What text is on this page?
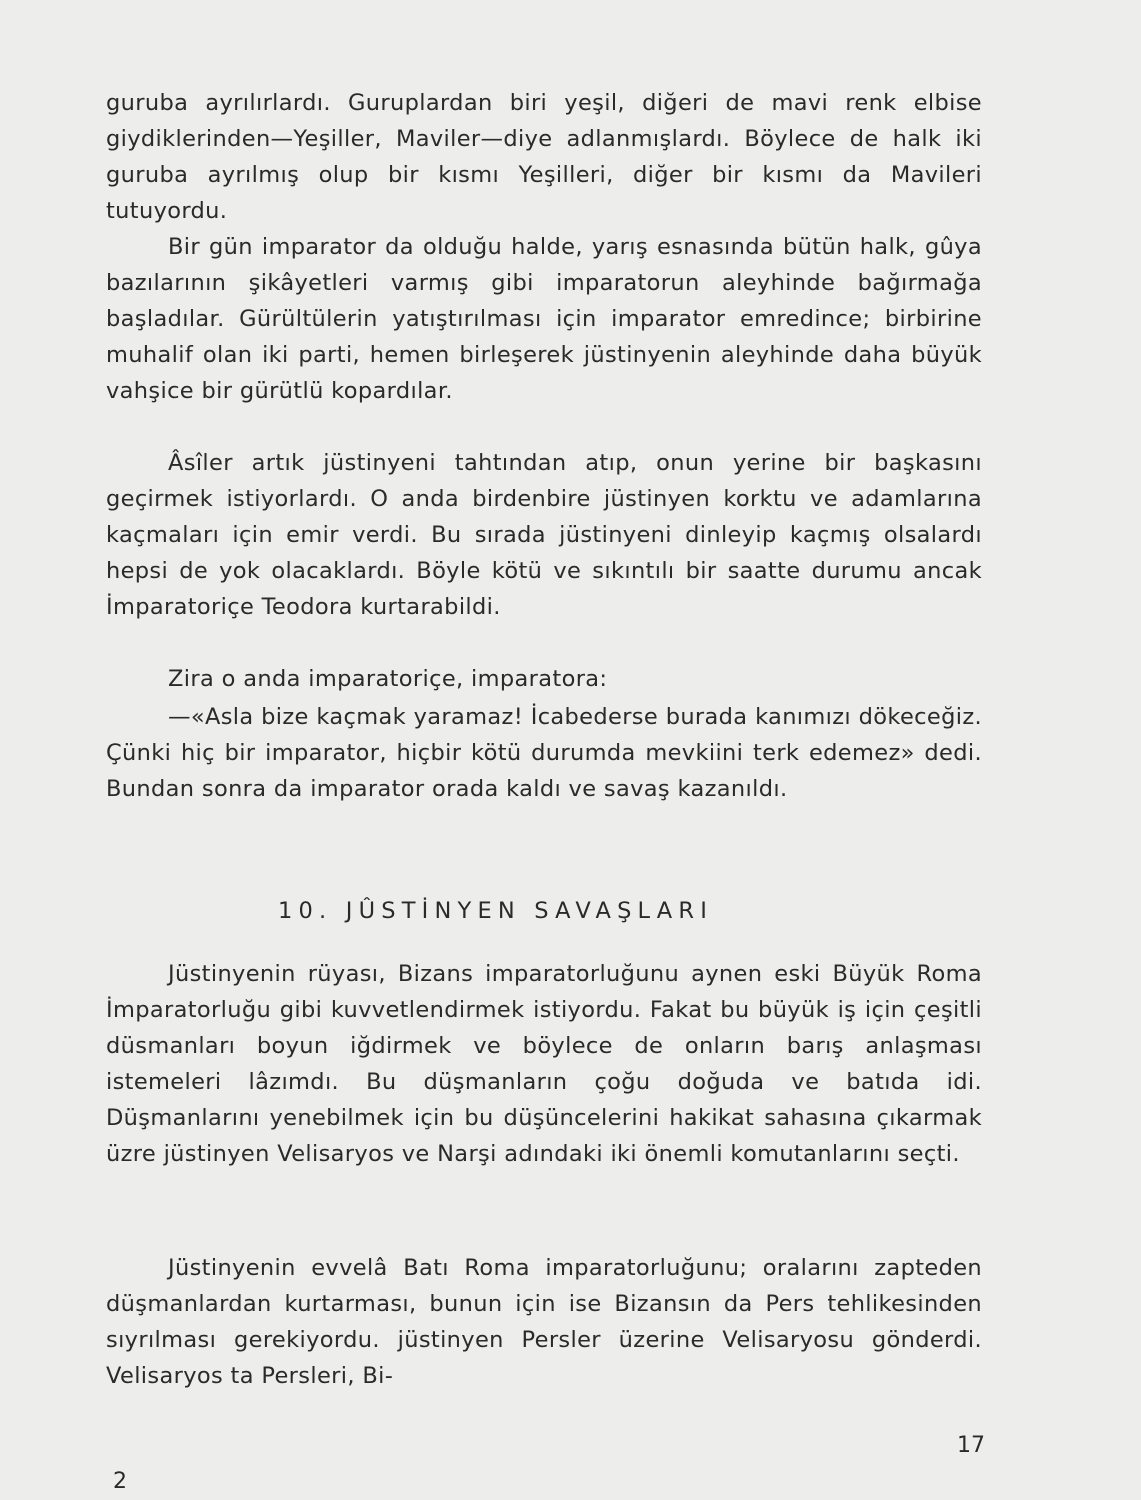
guruba ayrılırlardı. Guruplardan biri yeşil, diğeri de mavi renk elbise giydiklerinden—Yeşiller, Maviler—diye adlanmışlardı. Böylece de halk iki guruba ayrılmış olup bir kısmı Yeşilleri, diğer bir kısmı da Mavileri tutuyordu.

Bir gün imparator da olduğu halde, yarış esnasında bütün halk, gûya bazılarının şikâyetleri varmış gibi imparatorun aleyhinde bağırmağa başladılar. Gürültülerin yatıştırılması için imparator emredince; birbirine muhalif olan iki parti, hemen birleşerek jüstinyenin aleyhinde daha büyük vahşice bir gürütlü kopardılar.

Âsîler artık jüstinyeni tahtından atıp, onun yerine bir başkasını geçirmek istiyorlardı. O anda birdenbire jüstinyen korktu ve adamlarına kaçmaları için emir verdi. Bu sırada jüstinyeni dinleyip kaçmış olsalardı hepsi de yok olacaklardı. Böyle kötü ve sıkıntılı bir saatte durumu ancak İmparatoriçe Teodora kurtarabildi.

Zira o anda imparatoriçe, imparatora:

—«Asla bize kaçmak yaramaz! İcabederse burada kanımızı dökeceğiz. Çünki hiç bir imparator, hiçbir kötü durumda mevkiini terk edemez» dedi. Bundan sonra da imparator orada kaldı ve savaş kazanıldı.

10. JÛSTİNYEN SAVAŞLARI

Jüstinyenin rüyası, Bizans imparatorluğunu aynen eski Büyük Roma İmparatorluğu gibi kuvvetlendirmek istiyordu. Fakat bu büyük iş için çeşitli düsmanları boyun iğdirmek ve böylece de onların barış anlaşması istemeleri lâzımdı. Bu düşmanların çoğu doğuda ve batıda idi. Düşmanlarını yenebilmek için bu düşüncelerini hakikat sahasına çıkarmak üzre jüstinyen Velisaryos ve Narşi adındaki iki önemli komutanlarını seçti.

Jüstinyenin evvelâ Batı Roma imparatorluğunu; oralarını zapteden düşmanlardan kurtarması, bunun için ise Bizansın da Pers tehlikesinden sıyrılması gerekiyordu. jüstinyen Persler üzerine Velisaryosu gönderdi. Velisaryos ta Persleri, Bi-

17
2
